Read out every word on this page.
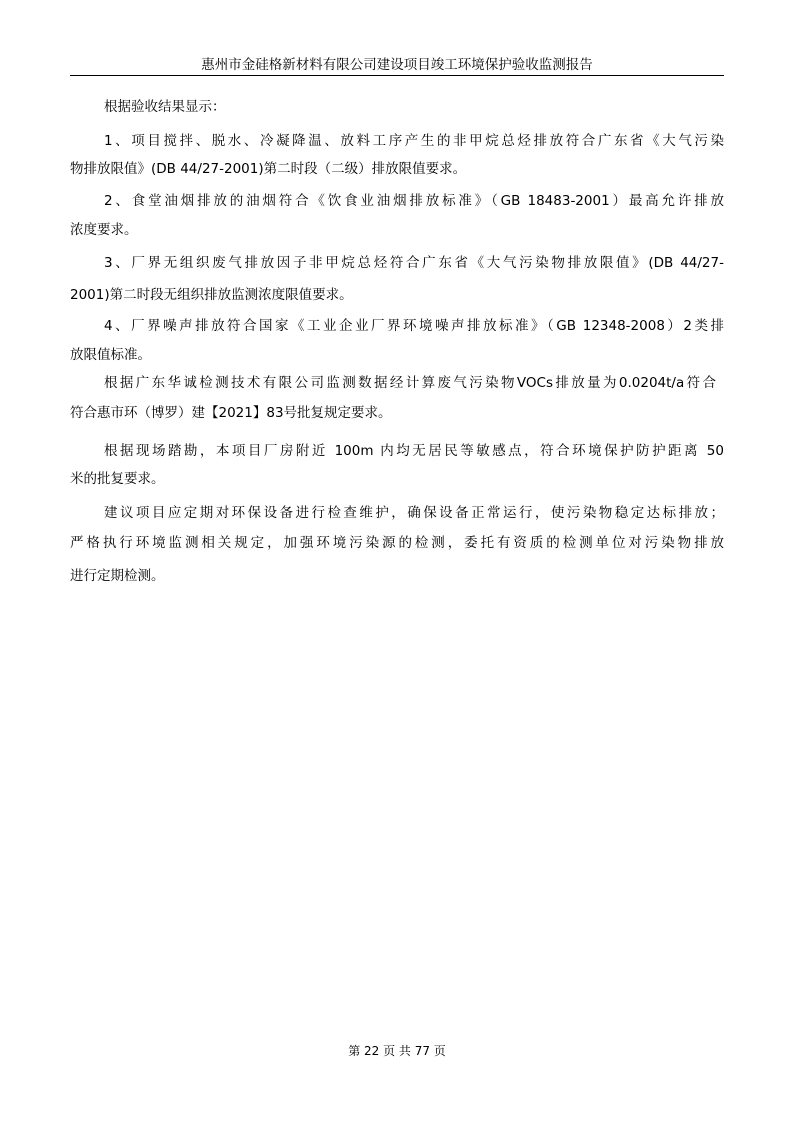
惠州市金硅格新材料有限公司建设项目竣工环境保护验收监测报告
根据验收结果显示：
1、项目搅拌、脱水、冷凝降温、放料工序产生的非甲烷总烃排放符合广东省《大气污染
物排放限值》(DB 44/27-2001)第二时段（二级）排放限值要求。
2、食堂油烟排放的油烟符合《饮食业油烟排放标准》（GB 18483-2001）最高允许排放
浓度要求。
3、厂界无组织废气排放因子非甲烷总烃符合广东省《大气污染物排放限值》(DB 44/27-
2001)第二时段无组织排放监测浓度限值要求。
4、厂界噪声排放符合国家《工业企业厂界环境噪声排放标准》（GB 12348-2008）2类排
放限值标准。
根据广东华诚检测技术有限公司监测数据经计算废气污染物VOCs排放量为0.0204t/a符合
符合惠市环（博罗）建【2021】83号批复规定要求。
根据现场踏勘，本项目厂房附近 100m 内均无居民等敏感点，符合环境保护防护距离 50
米的批复要求。
建议项目应定期对环保设备进行检查维护，确保设备正常运行，使污染物稳定达标排放；
严格执行环境监测相关规定，加强环境污染源的检测，委托有资质的检测单位对污染物排放
进行定期检测。
第 22 页 共 77 页
